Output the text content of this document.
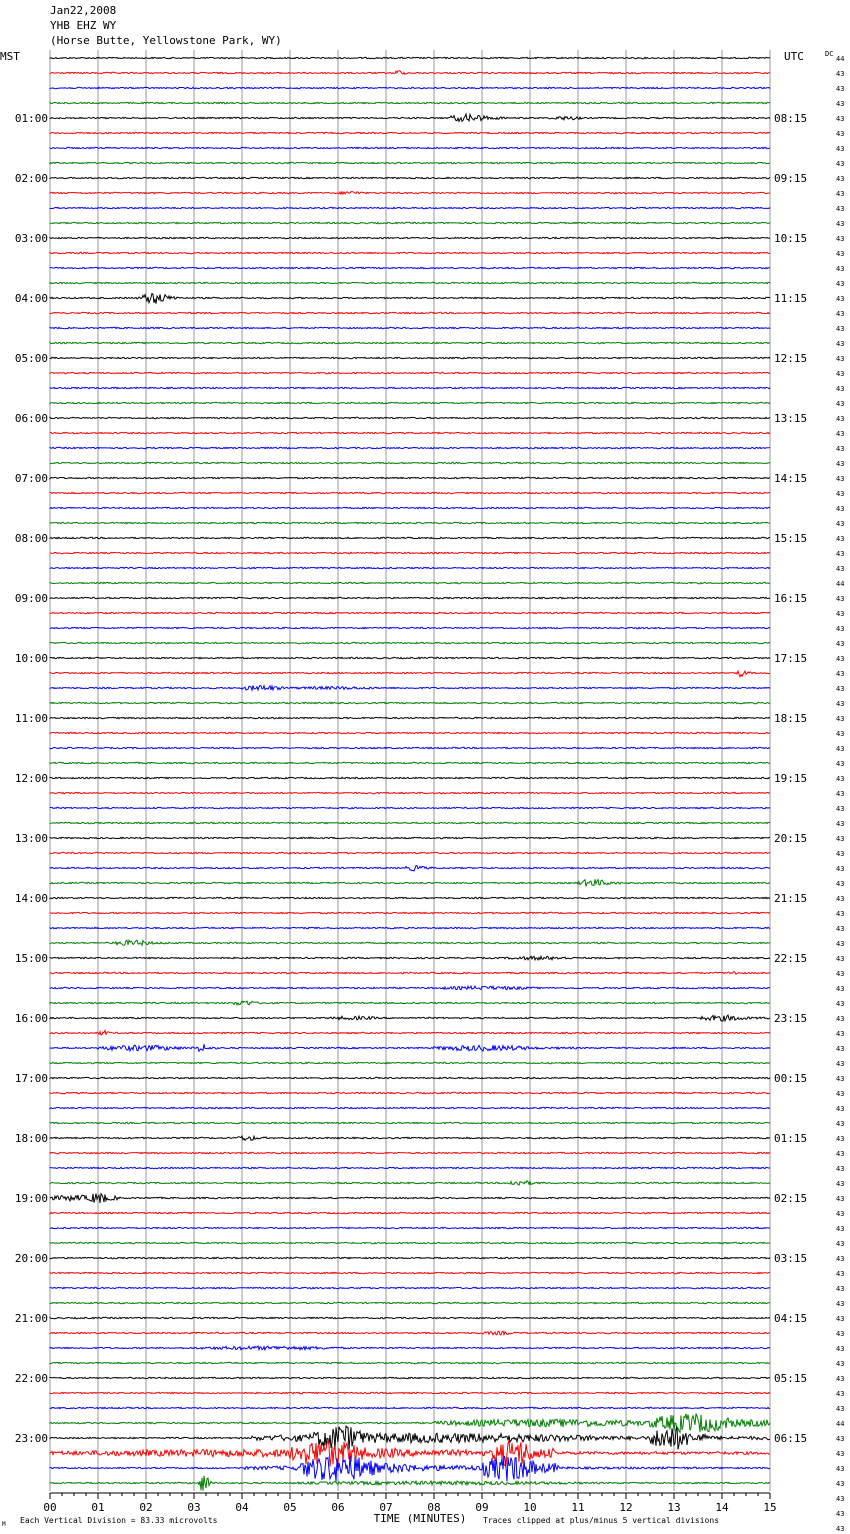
Jan22,2008
YHB EHZ WY
(Horse Butte, Yellowstone Park, WY)
MST	UTC	DC
01:00
02:00
03:00
04:00
05:00
06:00
07:00
08:00
09:00
10:00
11:00
12:00
13:00
14:00
15:00
16:00
17:00
18:00
19:00
20:00
21:00
22:00
23:00
08:15
09:15
10:15
11:15
12:15
13:15
14:15
15:15
16:15
17:15
18:15
19:15
20:15
21:15
22:15
23:15
00:15
01:15
02:15
03:15
04:15
05:15
06:15
44
43
43
43
43
43
43
43
43
43
43
43
43
43
43
43
43
43
43
43
43
43
43
43
43
43
43
43
43
43
43
43
43
43
43
44
43
43
43
43
43
43
43
43
43
43
43
43
43
43
43
43
43
43
43
43
43
43
43
43
43
43
43
43
43
43
43
43
43
43
43
43
43
43
43
43
43
43
43
43
43
43
43
43
43
43
43
43
43
43
43
44
43
43
43
43
43
43
43
00	01	02	03	04	05	06	07	08	09	10	11	12	13	14	15
TIME (MINUTES)
Each Vertical Division = 83.33 microvolts	Traces clipped at plus/minus 5 vertical divisions
M
